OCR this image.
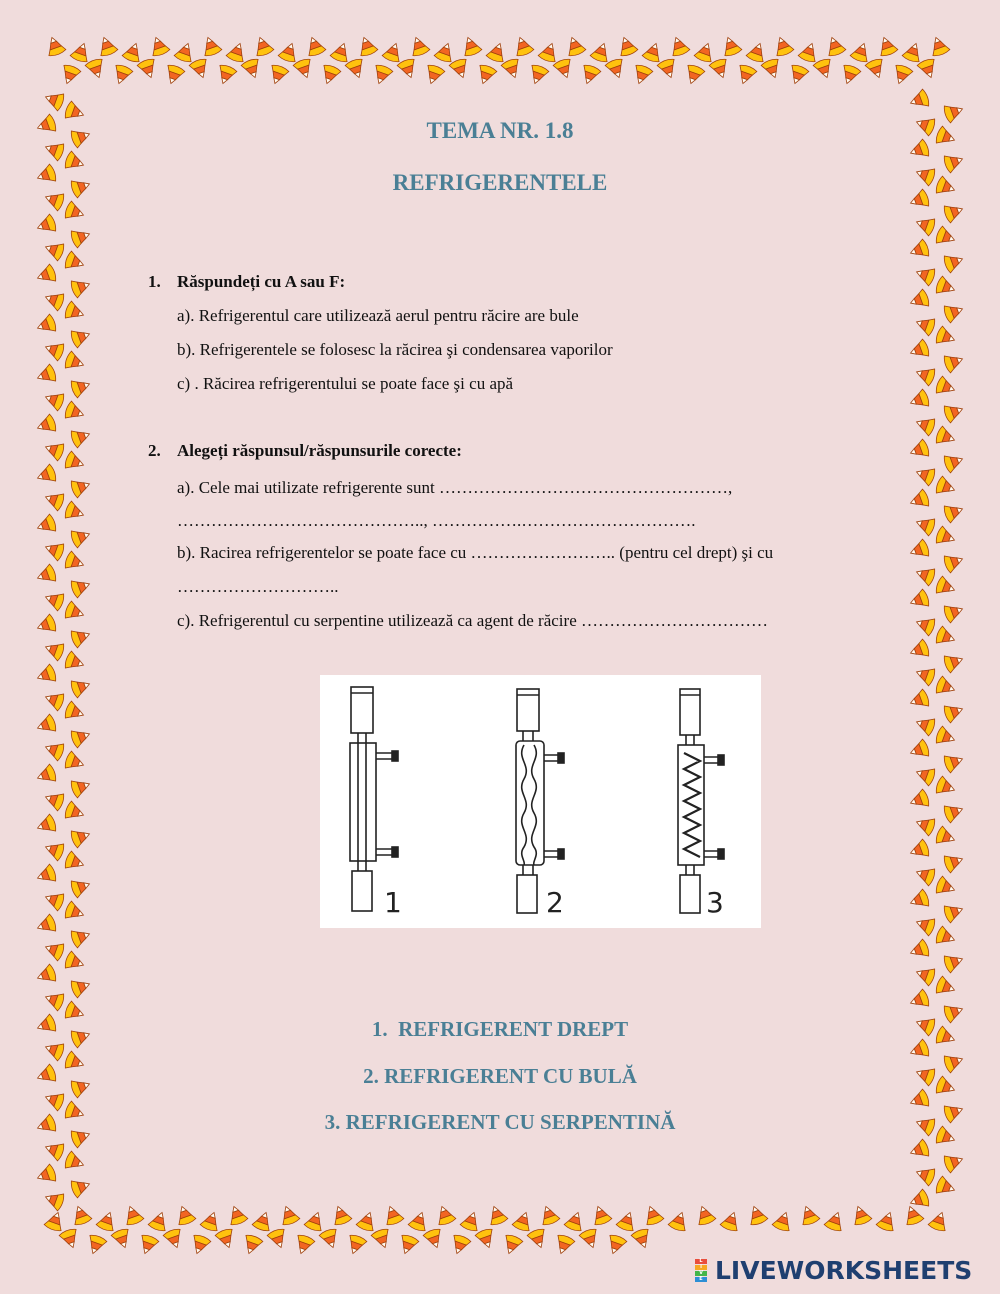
TEMA NR. 1.8
REFRIGERENTELE
1. Răspundeți cu A sau F:
a). Refrigerentul care utilizează aerul pentru răcire are bule
b). Refrigerentele se folosesc la răcirea şi condensarea vaporilor
c) . Răcirea refrigerentului se poate face şi cu apă
2. Alegeți răspunsul/răspunsurile corecte:
a). Cele mai utilizate refrigerente sunt ……………………………………………,
…………………………………….., …………….………………………….
b). Racirea refrigerentelor se poate face cu …………………….. (pentru cel drept) şi cu
………………………..
c). Refrigerentul cu serpentine utilizează ca agent de răcire ……………………………
1	2	3
1.  REFRIGERENT DREPT
2. REFRIGERENT CU BULĂ
3. REFRIGERENT CU SERPENTINĂ
L
I
V
E LIVEWORKSHEETS
